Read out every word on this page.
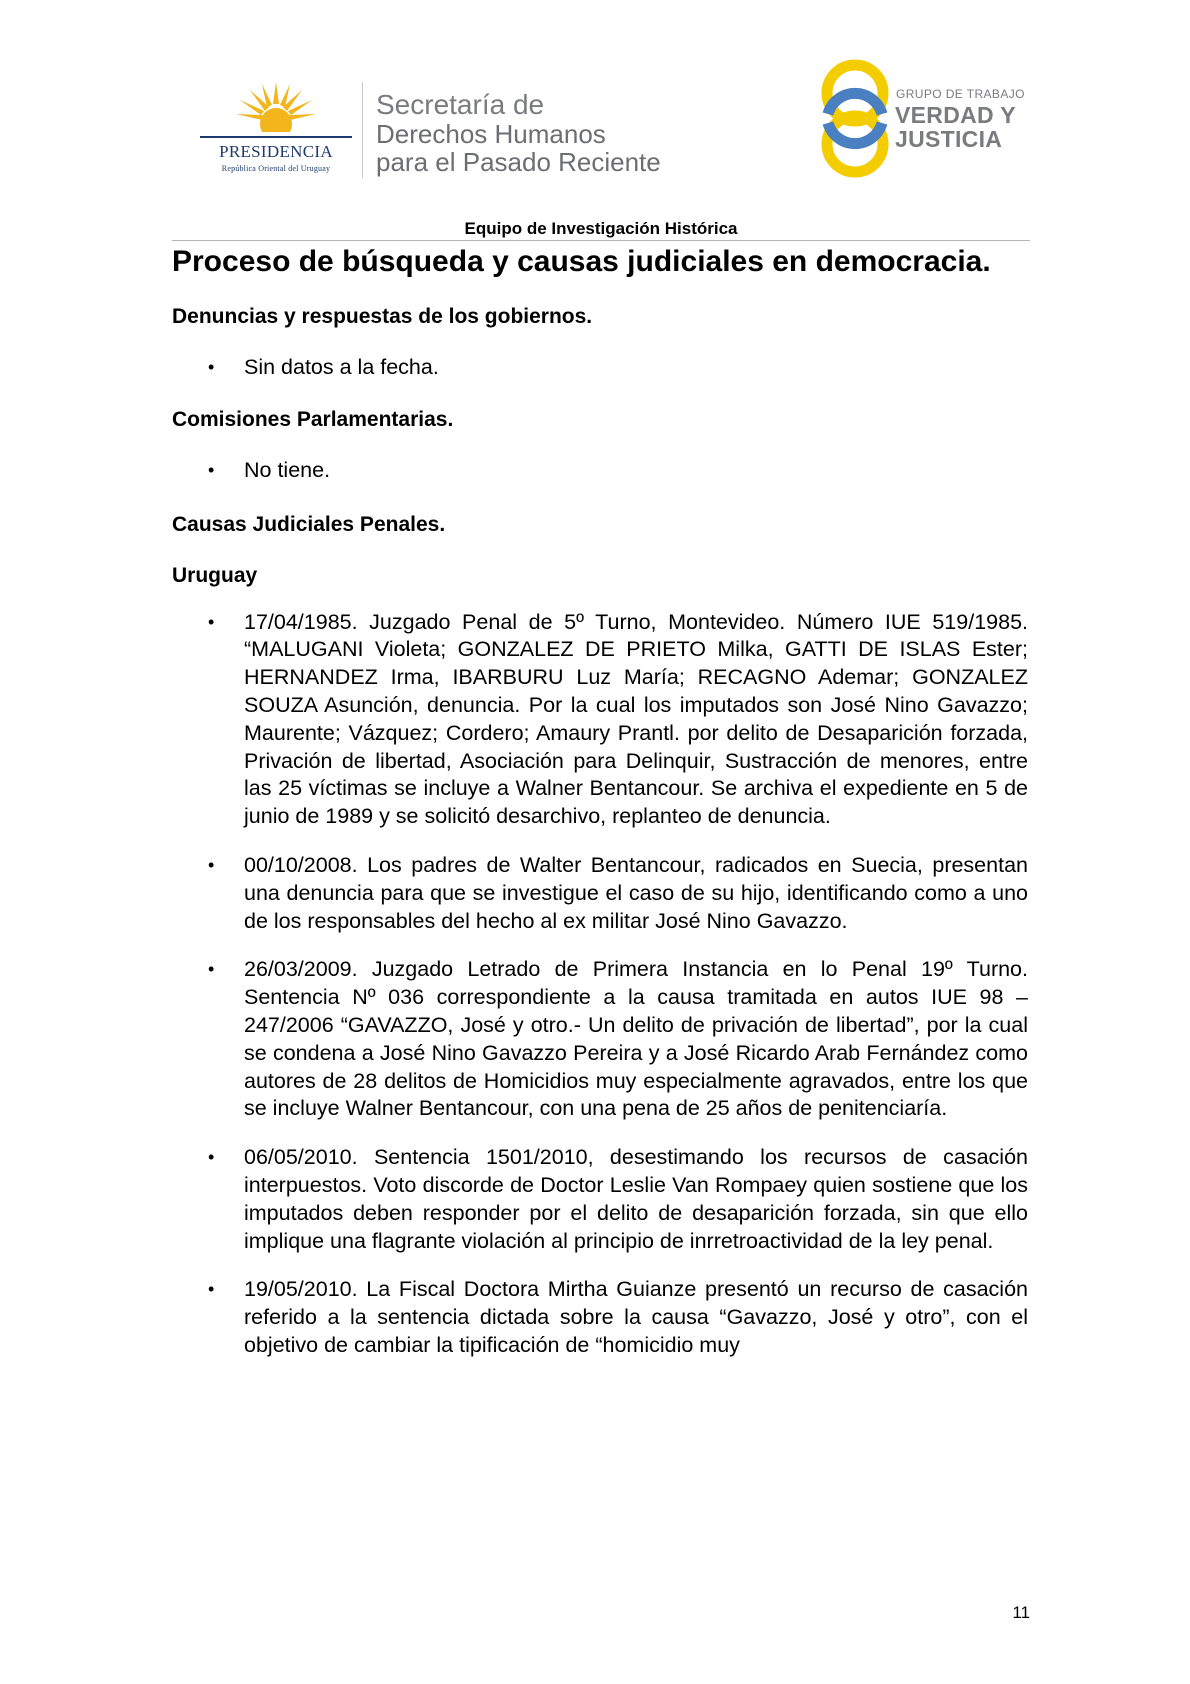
PRESIDENCIA
República Oriental del Uruguay
Secretaría de
Derechos Humanos
para el Pasado Reciente
GRUPO DE TRABAJO
VERDAD Y
JUSTICIA
Equipo de Investigación Histórica
Proceso de búsqueda y causas judiciales en democracia.
Denuncias y respuestas de los gobiernos.
• Sin datos a la fecha.
Comisiones Parlamentarias.
• No tiene.
Causas Judiciales Penales.
Uruguay
• 17/04/1985. Juzgado Penal de 5º Turno, Montevideo. Número IUE 519/1985. “MALUGANI Violeta; GONZALEZ DE PRIETO Milka, GATTI DE ISLAS Ester; HERNANDEZ Irma, IBARBURU Luz María; RECAGNO Ademar; GONZALEZ SOUZA Asunción, denuncia. Por la cual los imputados son José Nino Gavazzo; Maurente; Vázquez; Cordero; Amaury Prantl. por delito de Desaparición forzada, Privación de libertad, Asociación para Delinquir, Sustracción de menores, entre las 25 víctimas se incluye a Walner Bentancour. Se archiva el expediente en 5 de junio de 1989 y se solicitó desarchivo, replanteo de denuncia.
• 00/10/2008. Los padres de Walter Bentancour, radicados en Suecia, presentan una denuncia para que se investigue el caso de su hijo, identificando como a uno de los responsables del hecho al ex militar José Nino Gavazzo.
• 26/03/2009. Juzgado Letrado de Primera Instancia en lo Penal 19º Turno. Sentencia Nº 036 correspondiente a la causa tramitada en autos IUE 98 – 247/2006 “GAVAZZO, José y otro.- Un delito de privación de libertad”, por la cual se condena a José Nino Gavazzo Pereira y a José Ricardo Arab Fernández como autores de 28 delitos de Homicidios muy especialmente agravados, entre los que se incluye Walner Bentancour, con una pena de 25 años de penitenciaría.
• 06/05/2010. Sentencia 1501/2010, desestimando los recursos de casación interpuestos. Voto discorde de Doctor Leslie Van Rompaey quien sostiene que los imputados deben responder por el delito de desaparición forzada, sin que ello implique una flagrante violación al principio de inrretroactividad de la ley penal.
• 19/05/2010. La Fiscal Doctora Mirtha Guianze presentó un recurso de casación referido a la sentencia dictada sobre la causa “Gavazzo, José y otro”, con el objetivo de cambiar la tipificación de “homicidio muy
11
